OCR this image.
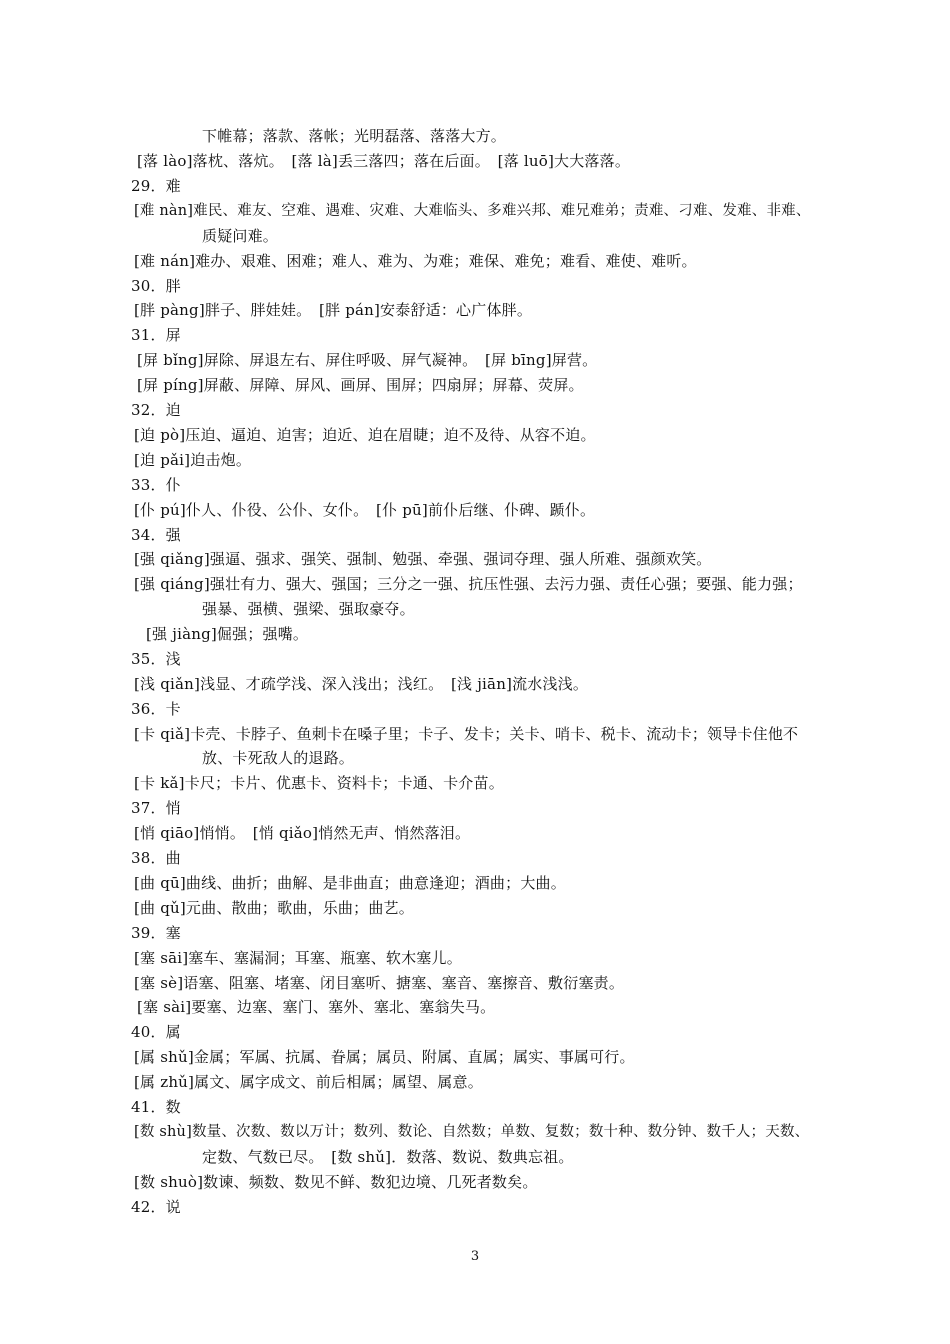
下帷幕；落款、落帐；光明磊落、落落大方。
[落 lào]落枕、落炕。　[落 là]丢三落四；落在后面。　[落 luō]大大落落。
29．难
[难 nàn]难民、难友、空难、遇难、灾难、大难临头、多难兴邦、难兄难弟；责难、刁难、发难、非难、
质疑问难。
[难 nán]难办、艰难、困难；难人、难为、为难；难保、难免；难看、难使、难听。
30．胖
[胖 pàng]胖子、胖娃娃。　[胖 pán]安泰舒适：心广体胖。
31．屏
[屏 bǐng]屏除、屏退左右、屏住呼吸、屏气凝神。　[屏 bīng]屏营。
[屏 píng]屏蔽、屏障、屏风、画屏、围屏；四扇屏；屏幕、荧屏。
32．迫
[迫 pò]压迫、逼迫、迫害；迫近、迫在眉睫；迫不及待、从容不迫。
[迫 pǎi]迫击炮。
33．仆
[仆 pú]仆人、仆役、公仆、女仆。　[仆 pū]前仆后继、仆碑、踬仆。
34．强
[强 qiǎng]强逼、强求、强笑、强制、勉强、牵强、强词夺理、强人所难、强颜欢笑。
[强 qiáng]强壮有力、强大、强国；三分之一强、抗压性强、去污力强、责任心强；要强、能力强；
强暴、强横、强梁、强取豪夺。
[强 jiàng]倔强；强嘴。
35．浅
[浅 qiǎn]浅显、才疏学浅、深入浅出；浅红。　[浅 jiān]流水浅浅。
36．卡
[卡 qiǎ]卡壳、卡脖子、鱼刺卡在嗓子里；卡子、发卡；关卡、哨卡、税卡、流动卡；领导卡住他不
放、卡死敌人的退路。
[卡 kǎ]卡尺；卡片、优惠卡、资料卡；卡通、卡介苗。
37．悄
[悄 qiāo]悄悄。　[悄 qiǎo]悄然无声、悄然落泪。
38．曲
[曲 qū]曲线、曲折；曲解、是非曲直；曲意逢迎；酒曲；大曲。
[曲 qǔ]元曲、散曲；歌曲，乐曲；曲艺。
39．塞
[塞 sāi]塞车、塞漏洞；耳塞、瓶塞、软木塞儿。
[塞 sè]语塞、阻塞、堵塞、闭目塞听、搪塞、塞音、塞擦音、敷衍塞责。
[塞 sài]要塞、边塞、塞门、塞外、塞北、塞翁失马。
40．属
[属 shǔ]金属；军属、抗属、眷属；属员、附属、直属；属实、事属可行。
[属 zhǔ]属文、属字成文、前后相属；属望、属意。
41．数
[数 shù]数量、次数、数以万计；数列、数论、自然数；单数、复数；数十种、数分钟、数千人；天数、
定数、气数已尽。　[数 shǔ]．数落、数说、数典忘祖。
[数 shuò]数谏、频数、数见不鲜、数犯边境、几死者数矣。
42．说
3
